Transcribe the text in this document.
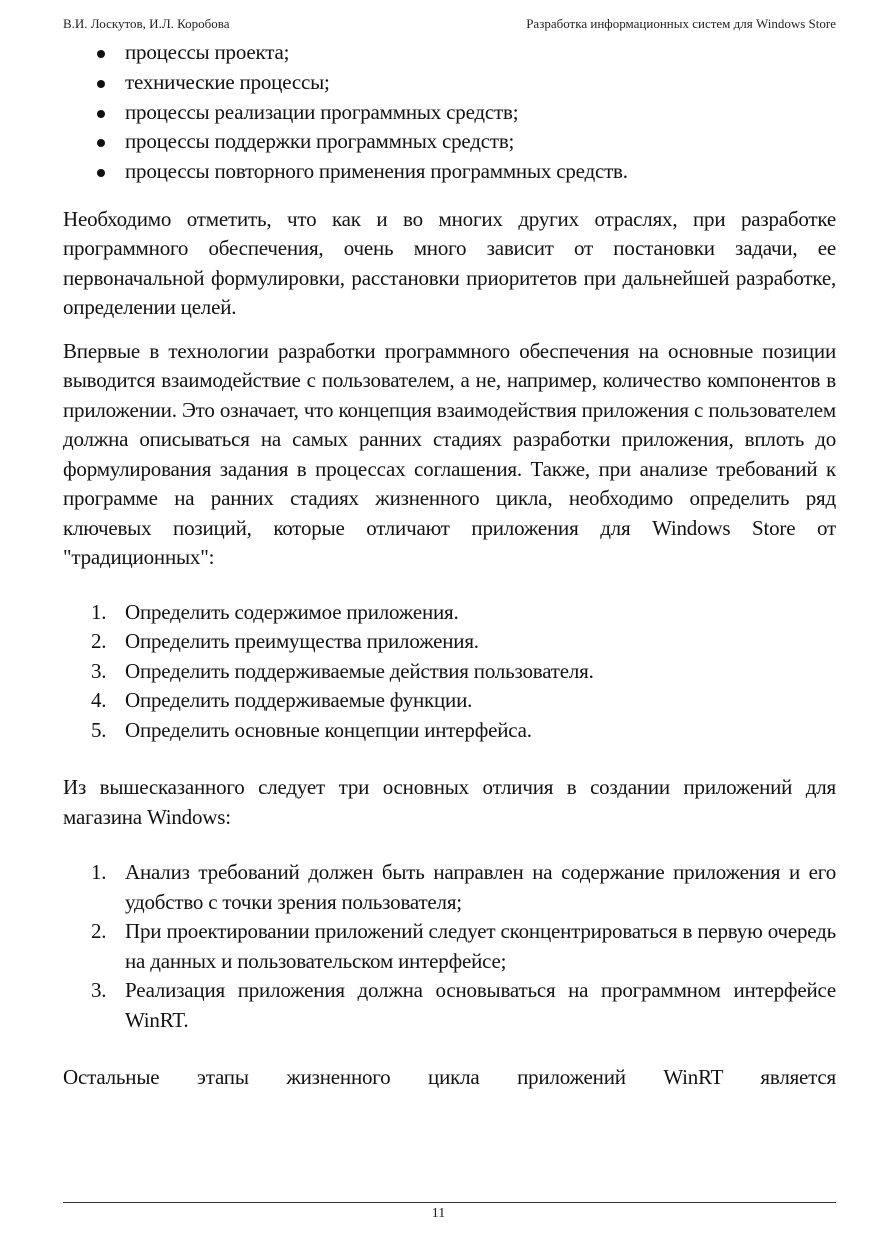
В.И. Лоскутов, И.Л. Коробова	Разработка информационных систем для Windows Store
процессы проекта;
технические процессы;
процессы реализации программных средств;
процессы поддержки программных средств;
процессы повторного применения программных средств.

Необходимо отметить, что как и во многих других отраслях, при разработке программного обеспечения, очень много зависит от постановки задачи, ее первоначальной формулировки, расстановки приоритетов при дальнейшей разработке, определении целей.

Впервые в технологии разработки программного обеспечения на основные позиции выводится взаимодействие с пользователем, а не, например, количество компонентов в приложении. Это означает, что концепция взаимодействия приложения с пользователем должна описываться на самых ранних стадиях разработки приложения, вплоть до формулирования задания в процессах соглашения. Также, при анализе требований к программе на ранних стадиях жизненного цикла, необходимо определить ряд ключевых позиций, которые отличают приложения для Windows Store от "традиционных":

1. Определить содержимое приложения.
2. Определить преимущества приложения.
3. Определить поддерживаемые действия пользователя.
4. Определить поддерживаемые функции.
5. Определить основные концепции интерфейса.

Из вышесказанного следует три основных отличия в создании приложений для магазина Windows:

1. Анализ требований должен быть направлен на содержание приложения и его удобство с точки зрения пользователя;
2. При проектировании приложений следует сконцентрироваться в первую очередь на данных и пользовательском интерфейсе;
3. Реализация приложения должна основываться на программном интерфейсе WinRT.

Остальные этапы жизненного цикла приложений WinRT является

11
